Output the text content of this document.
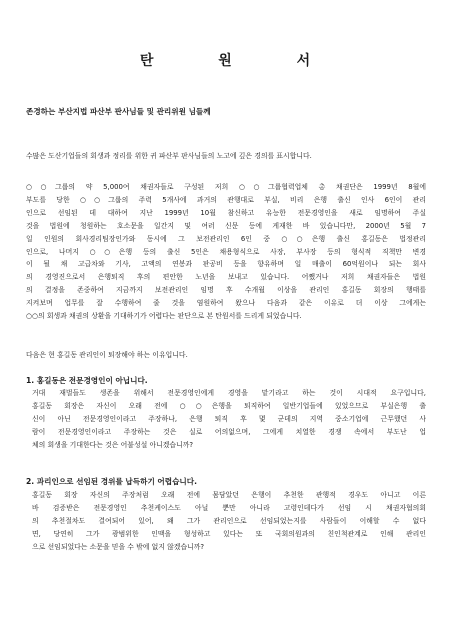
탄 원 서
존경하는 부산지법 파산부 판사님들 및 관리위원 님들께
수많은 도산기업들의 회생과 정리를 위한 귀 파산부 판사님들의 노고에 깊은 경의를 표시합니다.
○○그룹의 약 5,000여 채권자들로 구성된 저희 ○○그룹협력업체 총 채권단은 1999년 8월에
부도를 당한 ○○그룹의 주력 5개사에 과거의 관행대로 부실, 비리 은행 출신 인사 6인이 관리
인으로 선임된 데 대하여 지난 1999년 10월 참신하고 유능한 전문경영인을 새로 임명하여 주실
것을 법원에 청원하는 호소문을 일간지 및 여러 신문 등에 게재한 바 있습니다만, 2000년 5월 7
일 인원의 회사경리팀장인가와 동시에 그 보전관리인 6인 중 ○○은행 출신 홍길동은 법정관리
인으로, 나머지 ○○은행 등의 출신 5인은 채용형식으로 사장, 부사장 등의 형식적 직책만 변경
이 될 채 고급차와 기사, 고액의 연봉과 판공비 등을 향유하며 일 매출이 60억원이나 되는 회사
의 경영진으로서 은행퇴직 후의 편안한 노년을 보내고 있습니다. 어쨌거나 저희 채권자들은 법원
의 결정을 존중하여 지금까지 보전관리인 임명 후 수개월 이상을 관리인 홍길동 회장의 행태를
지켜보며 업무를 잘 수행하여 줄 것을 염원하여 왔으나 다음과 같은 이유로 더 이상 그에게는
○○의 회생과 채권의 상환을 기대하기가 어렵다는 판단으로 본 탄원서를 드리게 되었습니다.
다음은 현 홍길동 관리인이 퇴장해야 하는 이유입니다.
1. 홍길동은 전문경영인이 아닙니다.
거대 재벌들도 생존을 위해서 전문경영인에게 경영을 맡기라고 하는 것이 시대적 요구입니다,
홍길동 회장은 자신이 오래 전에 ○○은행을 퇴직하여 일반기업들에 있었으므로 부실은행 출
신이 아닌 전문경영인이라고 주장하나, 은행 퇴직 후 몇 군데의 지역 중소기업에 근무했던 사
람이 전문경영인이라고 주장하는 것은 실로 어의없으며, 그에게 치열한 경쟁 속에서 부도난 업
체의 회생을 기대한다는 것은 어불성설 아니겠습니까?
2. 과리인으로 선임된 경위를 납득하기 어렵습니다.
홍길동 회장 자신의 주장처럼 오래 전에 몸담았던 은행이 추천한 관행적 경우도 아니고 이른
바 검증받은 전문경영인 추천케이스도 아닐 뿐만 아니라 고령인데다가 선임 시 채권자협의회
의 추천절차도 결여되어 있어, 왜 그가 관리인으로 선임되었는지를 사람들이 이해할 수 없다
면, 당연히 그가 광범위한 인맥을 형성하고 있다는 또 국회의원과의 친인척관계로 인해 관리인
으로 선임되었다는 소문을 믿을 수 밖에 없지 않겠습니까?
